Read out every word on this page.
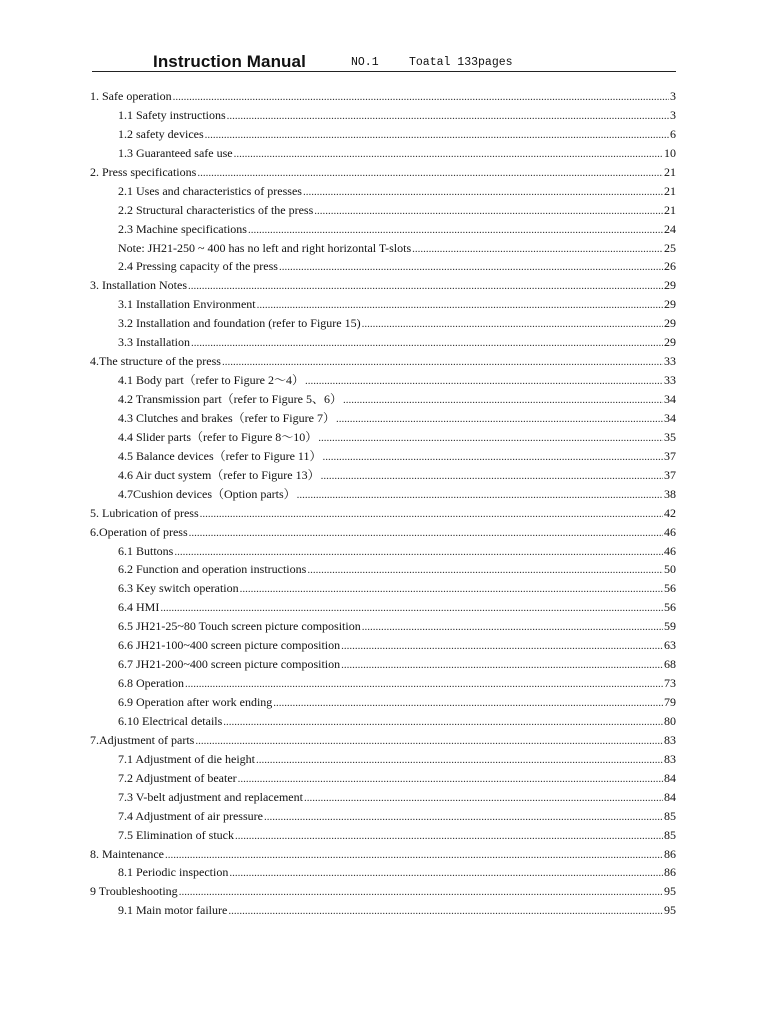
Instruction Manual	NO.1	Toatal 133pages
1. Safe operation .....	3
1.1 Safety instructions .....	3
1.2 safety devices .....	6
1.3 Guaranteed safe use .....	10
2. Press specifications .....	21
2.1 Uses and characteristics of presses .....	21
2.2 Structural characteristics of the press .....	21
2.3 Machine specifications .....	24
Note: JH21-250 ~ 400 has no left and right horizontal T-slots .....	25
2.4 Pressing capacity of the press .....	26
3. Installation Notes .....	29
3.1 Installation Environment .....	29
3.2 Installation and foundation (refer to Figure 15) .....	29
3.3 Installation .....	29
4.The structure of the press .....	33
4.1 Body part（refer to Figure 2～4） .....	33
4.2 Transmission part（refer to Figure 5、6） .....	34
4.3 Clutches and brakes（refer to Figure 7） .....	34
4.4 Slider parts（refer to Figure 8～10） .....	35
4.5 Balance devices（refer to Figure 11） .....	37
4.6 Air duct system（refer to Figure 13） .....	37
4.7Cushion devices（Option parts） .....	38
5. Lubrication of press .....	42
6.Operation of press .....	46
6.1 Buttons .....	46
6.2 Function and operation instructions .....	50
6.3 Key switch operation .....	56
6.4 HMI .....	56
6.5 JH21-25~80 Touch screen picture composition .....	59
6.6 JH21-100~400 screen picture composition .....	63
6.7 JH21-200~400 screen picture composition .....	68
6.8 Operation .....	73
6.9 Operation after work ending .....	79
6.10 Electrical details .....	80
7.Adjustment of parts .....	83
7.1 Adjustment of die height .....	83
7.2 Adjustment of beater .....	84
7.3 V-belt adjustment and replacement .....	84
7.4 Adjustment of air pressure .....	85
7.5 Elimination of stuck .....	85
8. Maintenance .....	86
8.1 Periodic inspection .....	86
9 Troubleshooting .....	95
9.1 Main motor failure .....	95
